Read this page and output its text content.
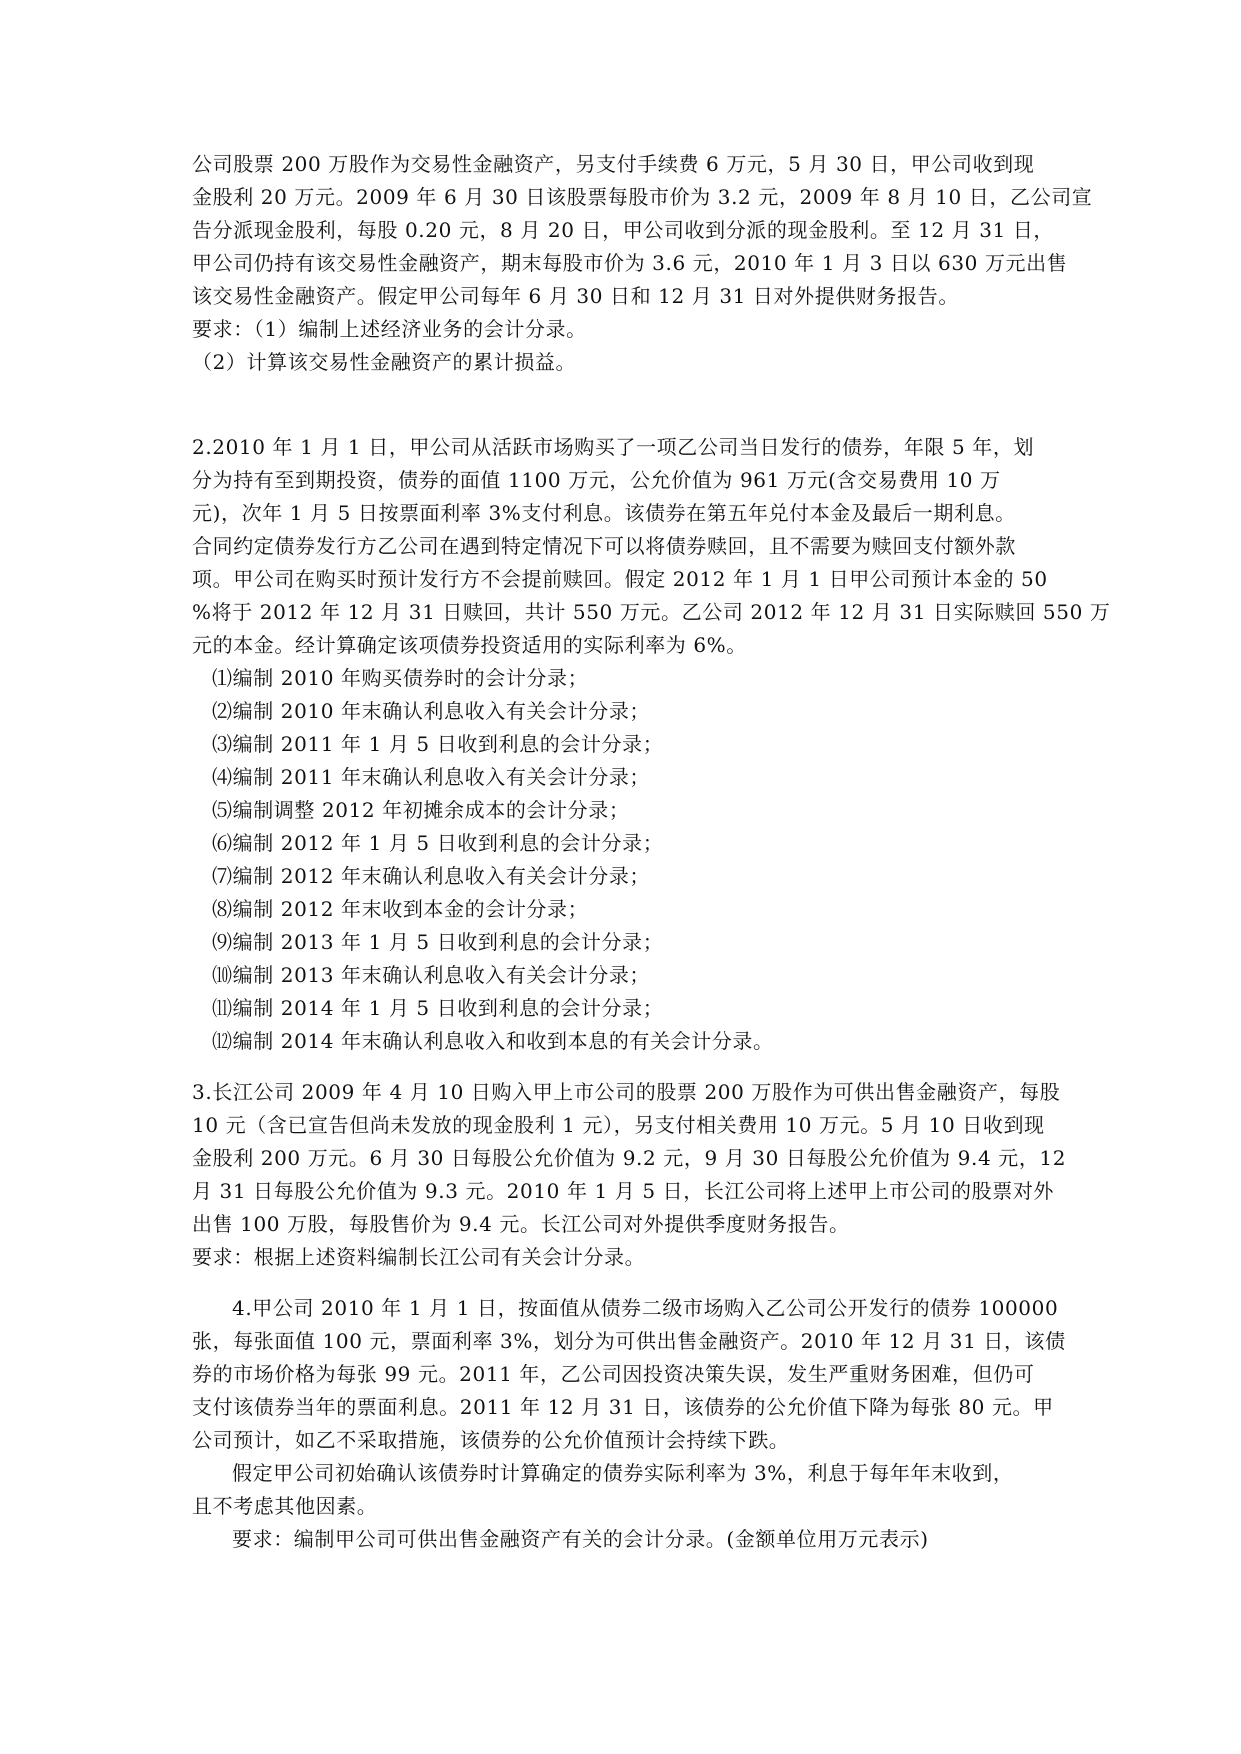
公司股票 200 万股作为交易性金融资产，另支付手续费 6 万元，5 月 30 日，甲公司收到现
金股利 20 万元。2009 年 6 月 30 日该股票每股市价为 3.2 元，2009 年 8 月 10 日，乙公司宣
告分派现金股利，每股 0.20 元，8 月 20 日，甲公司收到分派的现金股利。至 12 月 31 日，
甲公司仍持有该交易性金融资产，期末每股市价为 3.6 元，2010 年 1 月 3 日以 630 万元出售
该交易性金融资产。假定甲公司每年 6 月 30 日和 12 月 31 日对外提供财务报告。
要求：（1）编制上述经济业务的会计分录。
（2）计算该交易性金融资产的累计损益。
2.2010 年 1 月 1 日，甲公司从活跃市场购买了一项乙公司当日发行的债券，年限 5 年，划
分为持有至到期投资，债券的面值 1100 万元，公允价值为 961 万元(含交易费用 10 万
元)，次年 1 月 5 日按票面利率 3%支付利息。该债券在第五年兑付本金及最后一期利息。
合同约定债券发行方乙公司在遇到特定情况下可以将债券赎回，且不需要为赎回支付额外款
项。甲公司在购买时预计发行方不会提前赎回。假定 2012 年 1 月 1 日甲公司预计本金的 50
%将于 2012 年 12 月 31 日赎回，共计 550 万元。乙公司 2012 年 12 月 31 日实际赎回 550 万
元的本金。经计算确定该项债券投资适用的实际利率为 6%。
⑴编制 2010 年购买债券时的会计分录；
⑵编制 2010 年末确认利息收入有关会计分录；
⑶编制 2011 年 1 月 5 日收到利息的会计分录；
⑷编制 2011 年末确认利息收入有关会计分录；
⑸编制调整 2012 年初摊余成本的会计分录；
⑹编制 2012 年 1 月 5 日收到利息的会计分录；
⑺编制 2012 年末确认利息收入有关会计分录；
⑻编制 2012 年末收到本金的会计分录；
⑼编制 2013 年 1 月 5 日收到利息的会计分录；
⑽编制 2013 年末确认利息收入有关会计分录；
⑾编制 2014 年 1 月 5 日收到利息的会计分录；
⑿编制 2014 年末确认利息收入和收到本息的有关会计分录。
3.长江公司 2009 年 4 月 10 日购入甲上市公司的股票 200 万股作为可供出售金融资产，每股
10 元（含已宣告但尚未发放的现金股利 1 元），另支付相关费用 10 万元。5 月 10 日收到现
金股利 200 万元。6 月 30 日每股公允价值为 9.2 元，9 月 30 日每股公允价值为 9.4 元，12
月 31 日每股公允价值为 9.3 元。2010 年 1 月 5 日，长江公司将上述甲上市公司的股票对外
出售 100 万股，每股售价为 9.4 元。长江公司对外提供季度财务报告。
要求：根据上述资料编制长江公司有关会计分录。
4.甲公司 2010 年 1 月 1 日，按面值从债券二级市场购入乙公司公开发行的债券 100000
张，每张面值 100 元，票面利率 3%，划分为可供出售金融资产。2010 年 12 月 31 日，该债
券的市场价格为每张 99 元。2011 年，乙公司因投资决策失误，发生严重财务困难，但仍可
支付该债券当年的票面利息。2011 年 12 月 31 日，该债券的公允价值下降为每张 80 元。甲
公司预计，如乙不采取措施，该债券的公允价值预计会持续下跌。
假定甲公司初始确认该债券时计算确定的债券实际利率为 3%，利息于每年年末收到，
且不考虑其他因素。
要求：编制甲公司可供出售金融资产有关的会计分录。(金额单位用万元表示)
